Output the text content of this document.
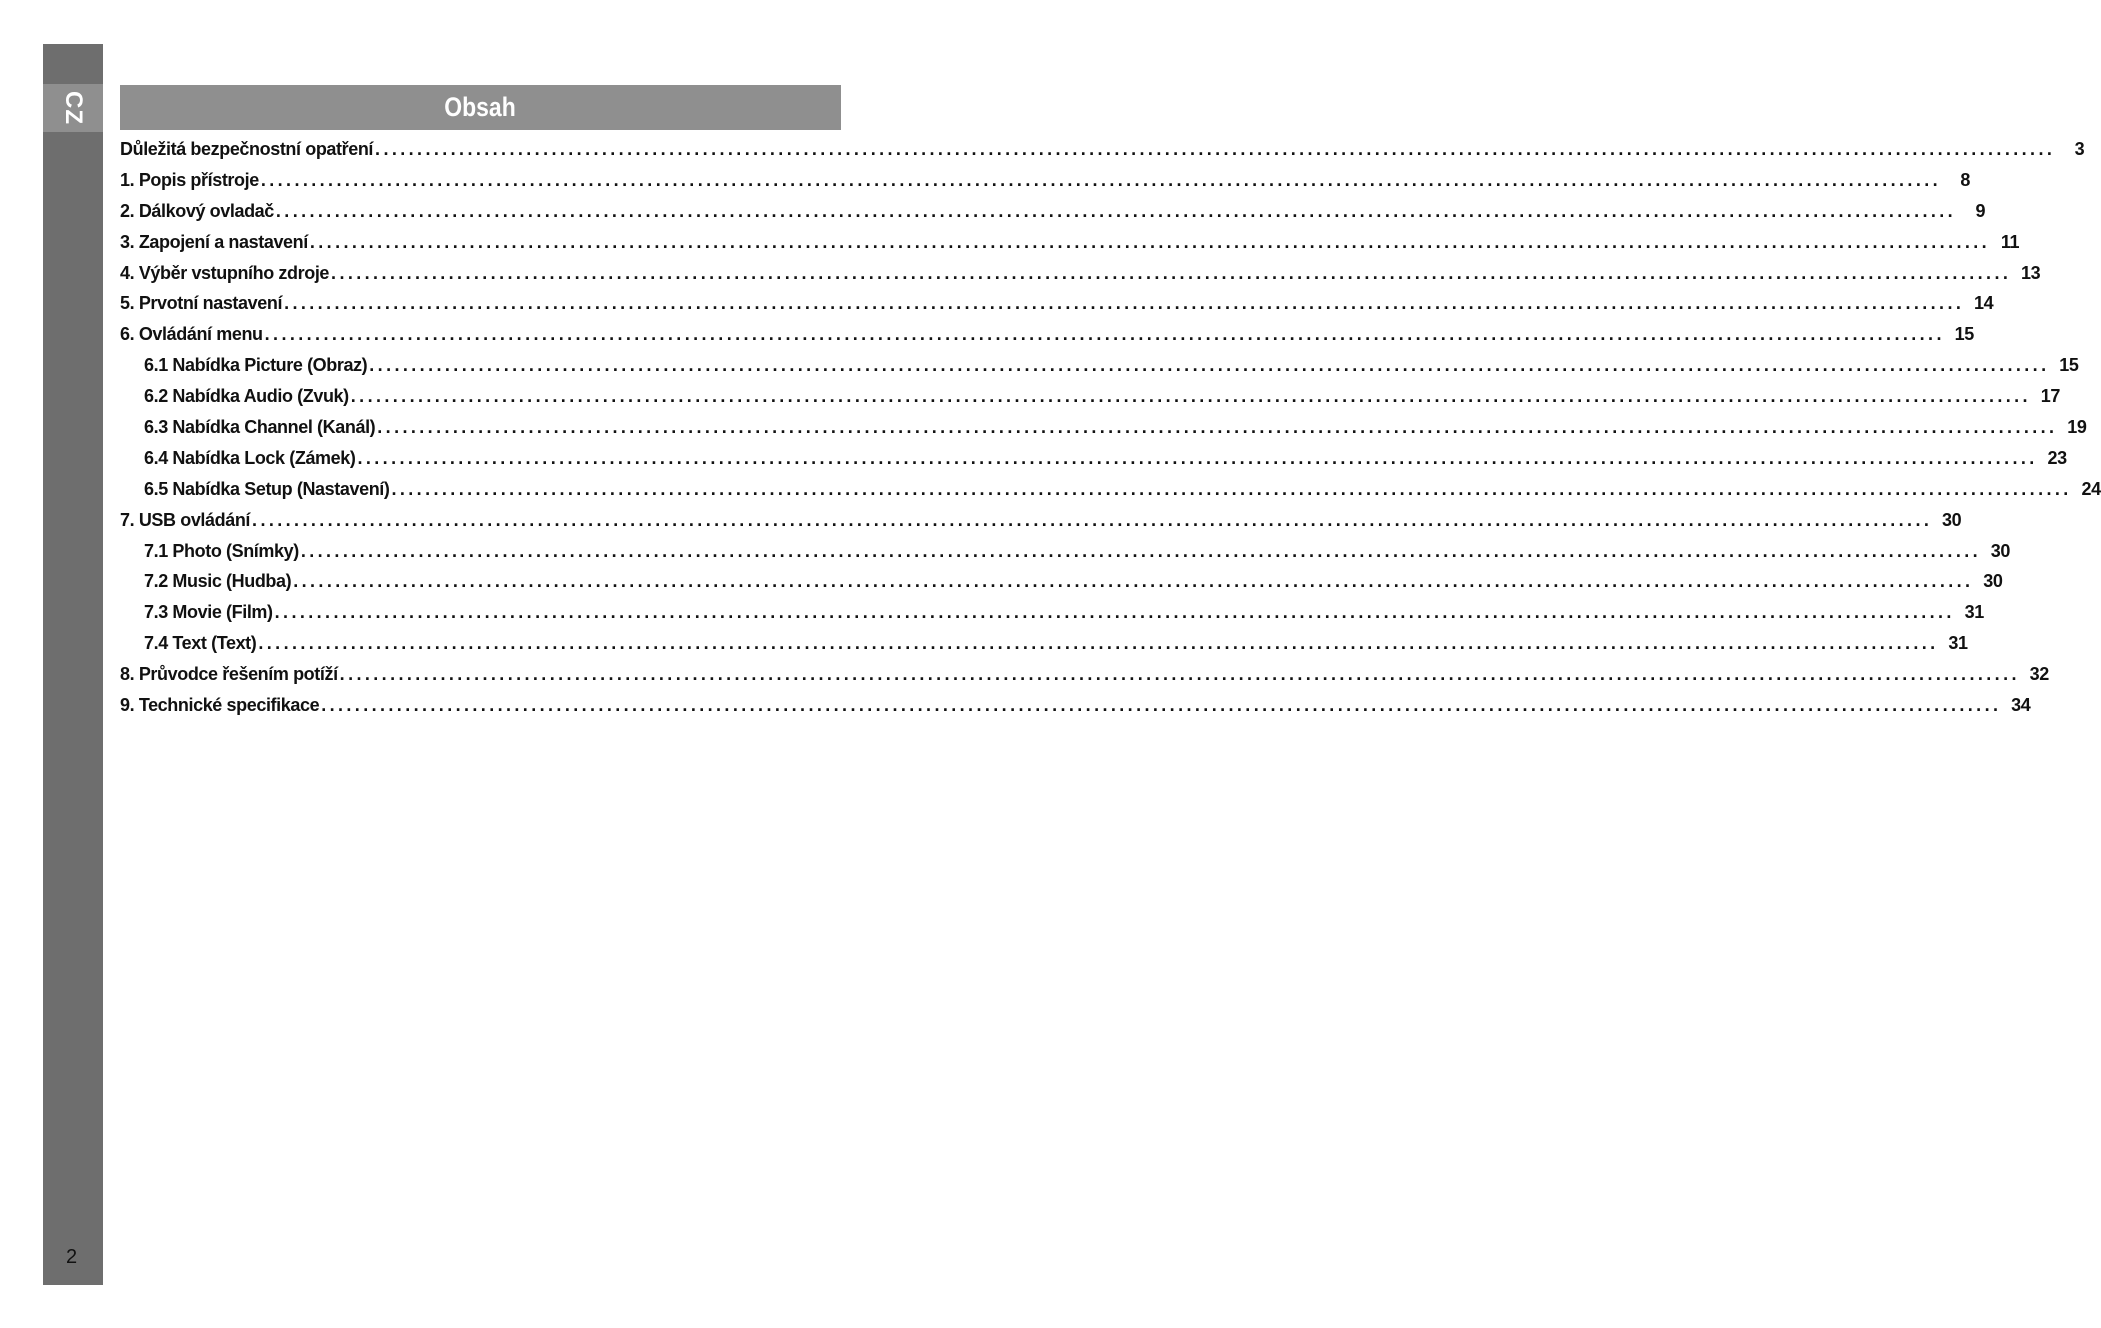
CZ
2
Obsah
Důležitá bezpečnostní opatření ........................................................................................................................................................................................................	3
1. Popis přístroje ........................................................................................................................................................................................................	8
2. Dálkový ovladač ........................................................................................................................................................................................................	9
3. Zapojení a nastavení ........................................................................................................................................................................................................ 11
4. Výběr vstupního zdroje ........................................................................................................................................................................................................ 13
5. Prvotní nastavení ........................................................................................................................................................................................................ 14
6. Ovládání menu ........................................................................................................................................................................................................ 15
6.1 Nabídka Picture (Obraz) ........................................................................................................................................................................................................ 15
6.2 Nabídka Audio (Zvuk) ........................................................................................................................................................................................................ 17
6.3 Nabídka Channel (Kanál) ........................................................................................................................................................................................................ 19
6.4 Nabídka Lock (Zámek) ........................................................................................................................................................................................................ 23
6.5 Nabídka Setup (Nastavení) ........................................................................................................................................................................................................ 24
7. USB ovládání ........................................................................................................................................................................................................ 30
7.1 Photo (Snímky) ........................................................................................................................................................................................................ 30
7.2 Music (Hudba) ........................................................................................................................................................................................................ 30
7.3 Movie (Film) ........................................................................................................................................................................................................ 31
7.4 Text (Text) ........................................................................................................................................................................................................ 31
8. Průvodce řešením potíží ........................................................................................................................................................................................................ 32
9. Technické specifikace ........................................................................................................................................................................................................ 34
